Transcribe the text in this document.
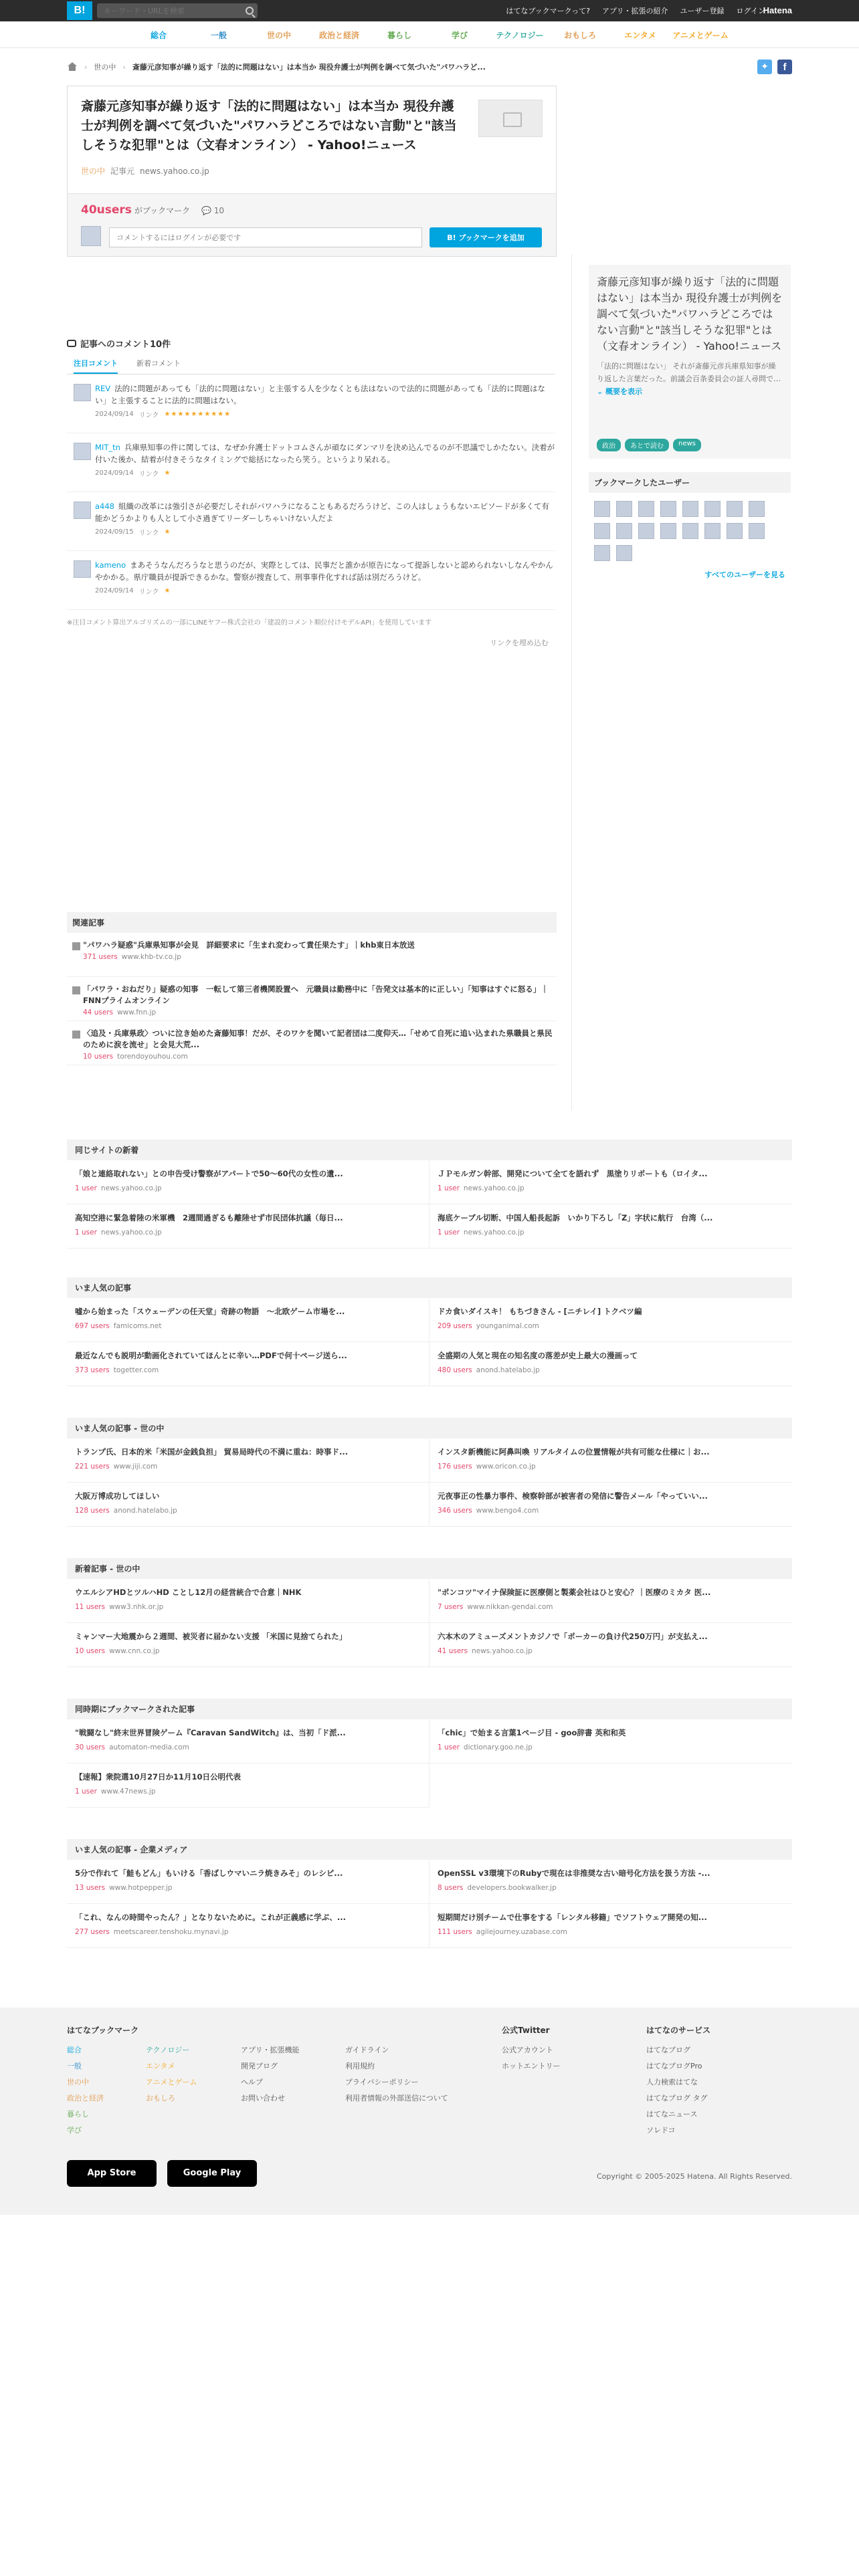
B!
キーワード・URLを検索	はてなブックマークって? アプリ・拡張の紹介 ユーザー登録 ログイン
Hatena
総合	一般	世の中	政治と経済	暮らし	学び	テクノロジー	おもしろ	エンタメ	アニメとゲーム
› 世の中 › 斎藤元彦知事が繰り返す「法的に問題はない」は本当か 現役弁護士が判例を調べて気づいた"パワハラど...	✦	f
斎藤元彦知事が繰り返す「法的に問題はない」は本当か 現役弁護士が判例を調べて気づいた"パワハラどころではない言動"と"該当しそうな犯罪"とは（文春オンライン） - Yahoo!ニュース
世の中 記事元 news.yahoo.co.jp
40users がブックマーク 💬 10
コメントするにはログインが必要です
B! ブックマークを追加
斎藤元彦知事が繰り返す「法的に問題はない」は本当か 現役弁護士が判例を調べて気づいた"パワハラどころではない言動"と"該当しそうな犯罪"とは（文春オンライン） - Yahoo!ニュース
「法的に問題はない」 それが斎藤元彦兵庫県知事が繰り返した言葉だった。前議会百条委員会の証人尋問で… ⌄ 概要を表示
政治	あとで読む	news
ブックマークしたユーザー
すべてのユーザーを見る
記事へのコメント10件
注目コメント	新着コメント
REV 法的に問題があっても「法的に問題はない」と主張する人を少なくとも法はないので法的に問題があっても「法的に問題はない」と主張することに法的に問題はない。
2024/09/14 リンク ★★★★★★★★★★
MIT_tn 兵庫県知事の件に関しては、なぜか弁護士ドットコムさんが頑なにダンマリを決め込んでるのが不思議でしかたない。決着が付いた後か、結着が付きそうなタイミングで総括になったら笑う。というより呆れる。
2024/09/14 リンク ★
a448 組織の改革には強引さが必要だしそれがパワハラになることもあるだろうけど、この人はしょうもないエピソードが多くて有能かどうかよりも人として小さ過ぎてリーダーしちゃいけない人だよ
2024/09/15 リンク ★
kameno まあそうなんだろうなと思うのだが、実際としては、民事だと誰かが原告になって提訴しないと認められないしなんやかんやかかる。県庁職員が提訴できるかな。警察が捜査して、刑事事件化すれば話は別だろうけど。
2024/09/14 リンク ★
※注目コメント算出アルゴリズムの一部にLINEヤフー株式会社の「建設的コメント順位付けモデルAPI」を使用しています
リンクを埋め込む
関連記事
"パワハラ疑惑"兵庫県知事が会見　詳細要求に「生まれ変わって責任果たす」｜khb東日本放送
371 users www.khb-tv.co.jp
「パワラ・おねだり」疑惑の知事　一転して第三者機関設置へ　元職員は勤務中に「告発文は基本的に正しい」「知事はすぐに怒る」｜FNNプライムオンライン
44 users www.fnn.jp
〈追及・兵庫県政〉ついに泣き始めた斎藤知事！だが、そのワケを聞いて記者団は二度仰天…「せめて自死に追い込まれた県職員と県民のために涙を流せ」と会見大荒...
10 users torendoyouhou.com
同じサイトの新着
「娘と連絡取れない」との申告受け警察がアパートで50〜60代の女性の遺...
1 user news.yahoo.co.jp
ＪＰモルガン幹部、開発について全てを語れず　黒塗りリポートも（ロイタ...
1 user news.yahoo.co.jp
高知空港に緊急着陸の米軍機　2週間過ぎるも離陸せず市民団体抗議（毎日...
1 user news.yahoo.co.jp
海底ケーブル切断、中国人船長起訴　いかり下ろし「Z」字状に航行　台湾（...
1 user news.yahoo.co.jp
いま人気の記事
嘘から始まった「スウェーデンの任天堂」奇跡の物語　〜北欧ゲーム市場を...
697 users famicoms.net
ドカ食いダイスキ！ もちづきさん - [ニチレイ] トクベツ編
209 users younganimal.com
最近なんでも説明が動画化されていてほんとに辛い…PDFで何十ページ送ら...
373 users togetter.com
全盛期の人気と現在の知名度の落差が史上最大の漫画って
480 users anond.hatelabo.jp
いま人気の記事 - 世の中
トランプ氏、日本的米「米国が金銭負担」 貿易局時代の不満に重ね：時事ド...
221 users www.jiji.com
インスタ新機能に阿鼻叫喚 リアルタイムの位置情報が共有可能な仕様に｜お...
176 users www.oricon.co.jp
大阪万博成功してほしい
128 users anond.hatelabo.jp
元夜事正の性暴力事件、検察幹部が被害者の発信に警告メール「やっていい...
346 users www.bengo4.com
新着記事 - 世の中
ウエルシアHDとツルハHD ことし12月の経営統合で合意｜NHK
11 users www3.nhk.or.jp
"ポンコツ"マイナ保険証に医療側と製薬会社はひと安心？｜医療のミカタ 医...
7 users www.nikkan-gendai.com
ミャンマー大地震から２週間、被災者に届かない支援 「米国に見捨てられた」
10 users www.cnn.co.jp
六本木のアミューズメントカジノで「ポーカーの負け代250万円」が支払え...
41 users news.yahoo.co.jp
同時期にブックマークされた記事
"戦闘なし"終末世界冒険ゲーム『Caravan SandWitch』は、当初「ド派...
30 users automaton-media.com
「chic」で始まる言葉1ページ目 - goo辞書 英和和英
1 user dictionary.goo.ne.jp
【速報】衆院選10月27日か11月10日公明代表
1 user www.47news.jp
いま人気の記事 - 企業メディア
5分で作れて「鮭もどん」もいける「香ばしウマいニラ焼きみそ」のレシピ...
13 users www.hotpepper.jp
OpenSSL v3環境下のRubyで現在は非推奨な古い暗号化方法を扱う方法 -...
8 users developers.bookwalker.jp
「これ、なんの時間やったん？」となりないために。これが正義感に学ぶ、...
277 users meetscareer.tenshoku.mynavi.jp
短期間だけ別チームで仕事をする「レンタル移籍」でソフトウェア開発の知...
111 users agilejourney.uzabase.com
はてなブックマーク
総合
一般
世の中
政治と経済
暮らし
学び
テクノロジー
エンタメ
アニメとゲーム
おもしろ
アプリ・拡張機能
開発ブログ
ヘルプ
お問い合わせ
ガイドライン
利用規約
プライバシーポリシー
利用者情報の外部送信について
公式Twitter
公式アカウント
ホットエントリー
はてなのサービス
はてなブログ
はてなブログPro
人力検索はてな
はてなブログ タグ
はてなニュース
ソレドコ
App Store	Google Play	Copyright © 2005-2025 Hatena. All Rights Reserved.
